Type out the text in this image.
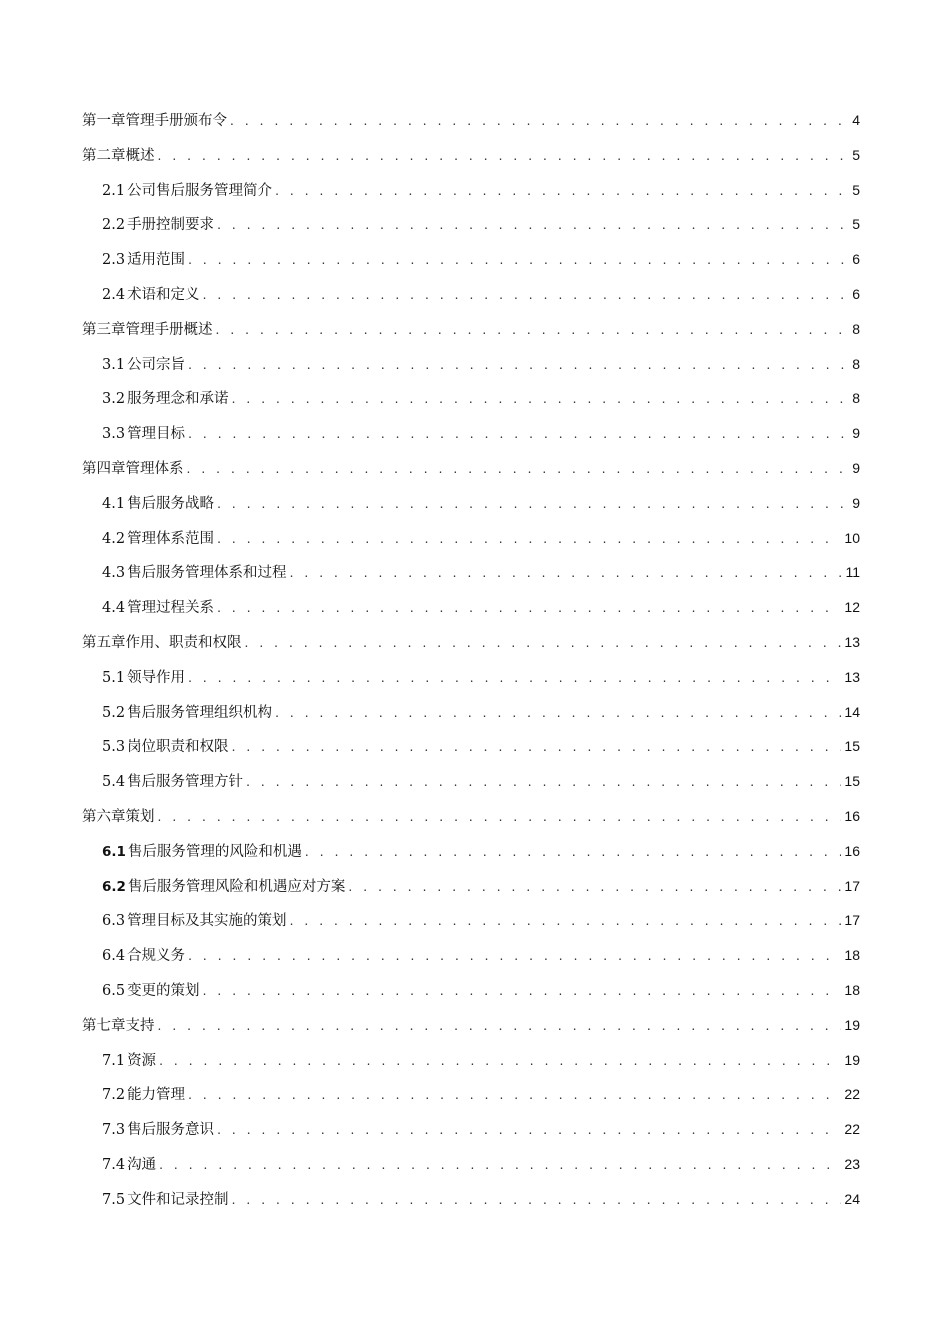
第一章管理手册颁布令 . . .	4
第二章概述 . . .	5
2.1 公司售后服务管理简介 . . .	5
2.2 手册控制要求 . . .	5
2.3 适用范围 . . .	6
2.4 术语和定义 . . .	6
第三章管理手册概述 . . .	8
3.1 公司宗旨 . . .	8
3.2 服务理念和承诺 . . .	8
3.3 管理目标 . . .	9
第四章管理体系 . . .	9
4.1 售后服务战略 . . .	9
4.2 管理体系范围 . . .	10
4.3 售后服务管理体系和过程 . . .	11
4.4 管理过程关系 . . .	12
第五章作用、职责和权限 . . .	13
5.1 领导作用 . . .	13
5.2 售后服务管理组织机构 . . .	14
5.3 岗位职责和权限 . . .	15
5.4 售后服务管理方针 . . .	15
第六章策划 . . .	16
6.1 售后服务管理的风险和机遇 . . .	16
6.2 售后服务管理风险和机遇应对方案 . . .	17
6.3 管理目标及其实施的策划 . . .	17
6.4 合规义务 . . .	18
6.5 变更的策划 . . .	18
第七章支持 . . .	19
7.1 资源 . . .	19
7.2 能力管理 . . .	22
7.3 售后服务意识 . . .	22
7.4 沟通 . . .	23
7.5 文件和记录控制 . . .	24
